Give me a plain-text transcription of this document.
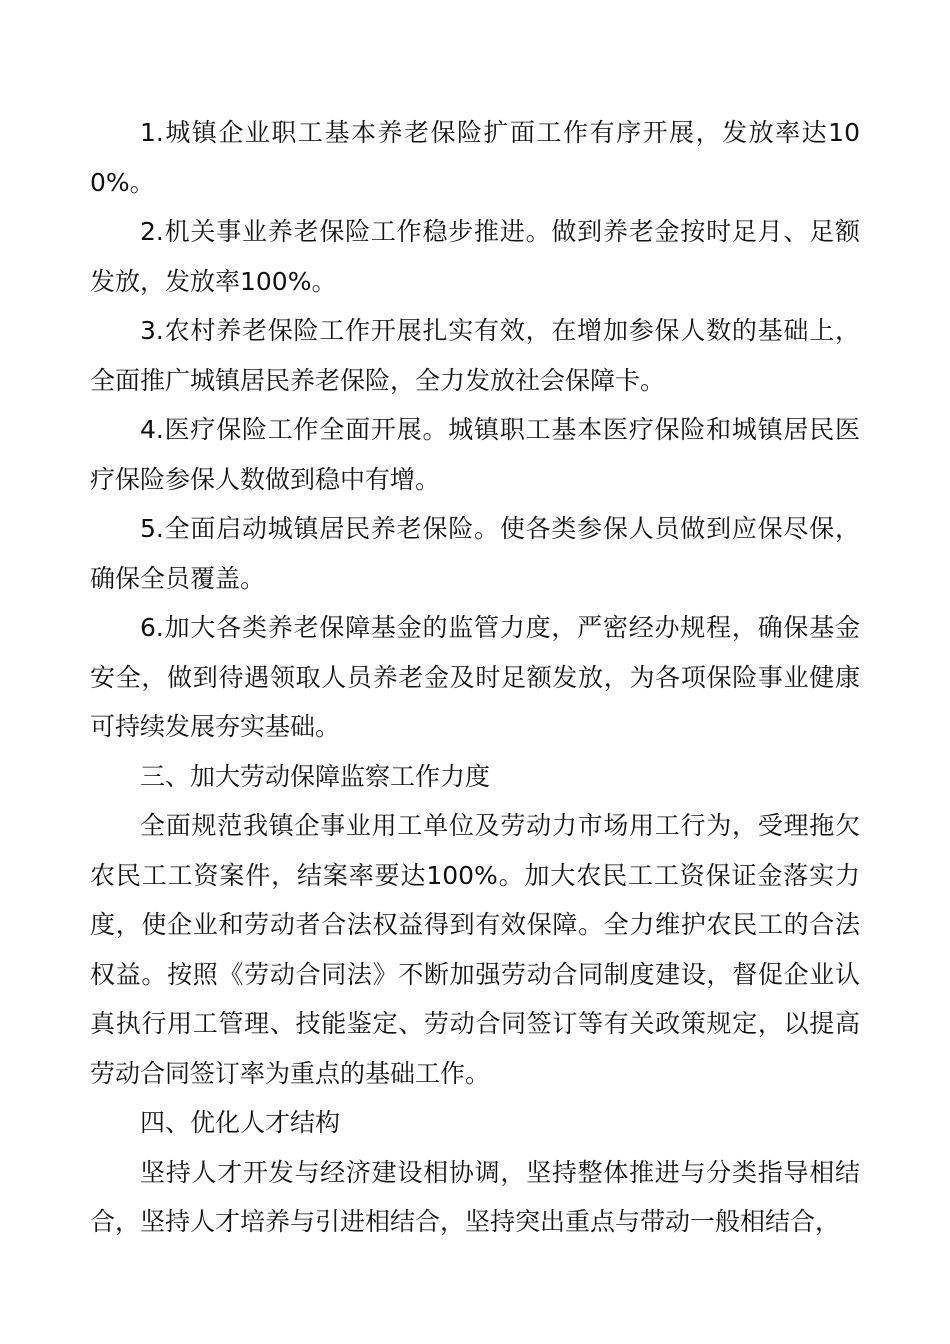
1.城镇企业职工基本养老保险扩面工作有序开展，发放率达100%。

2.机关事业养老保险工作稳步推进。做到养老金按时足月、足额发放，发放率100%。

3.农村养老保险工作开展扎实有效，在增加参保人数的基础上，全面推广城镇居民养老保险，全力发放社会保障卡。

4.医疗保险工作全面开展。城镇职工基本医疗保险和城镇居民医疗保险参保人数做到稳中有增。

5.全面启动城镇居民养老保险。使各类参保人员做到应保尽保，确保全员覆盖。

6.加大各类养老保障基金的监管力度，严密经办规程，确保基金安全，做到待遇领取人员养老金及时足额发放，为各项保险事业健康可持续发展夯实基础。

三、加大劳动保障监察工作力度

全面规范我镇企事业用工单位及劳动力市场用工行为，受理拖欠农民工工资案件，结案率要达100%。加大农民工工资保证金落实力度，使企业和劳动者合法权益得到有效保障。全力维护农民工的合法权益。按照《劳动合同法》不断加强劳动合同制度建设，督促企业认真执行用工管理、技能鉴定、劳动合同签订等有关政策规定，以提高劳动合同签订率为重点的基础工作。

四、优化人才结构

坚持人才开发与经济建设相协调，坚持整体推进与分类指导相结合，坚持人才培养与引进相结合，坚持突出重点与带动一般相结合，
